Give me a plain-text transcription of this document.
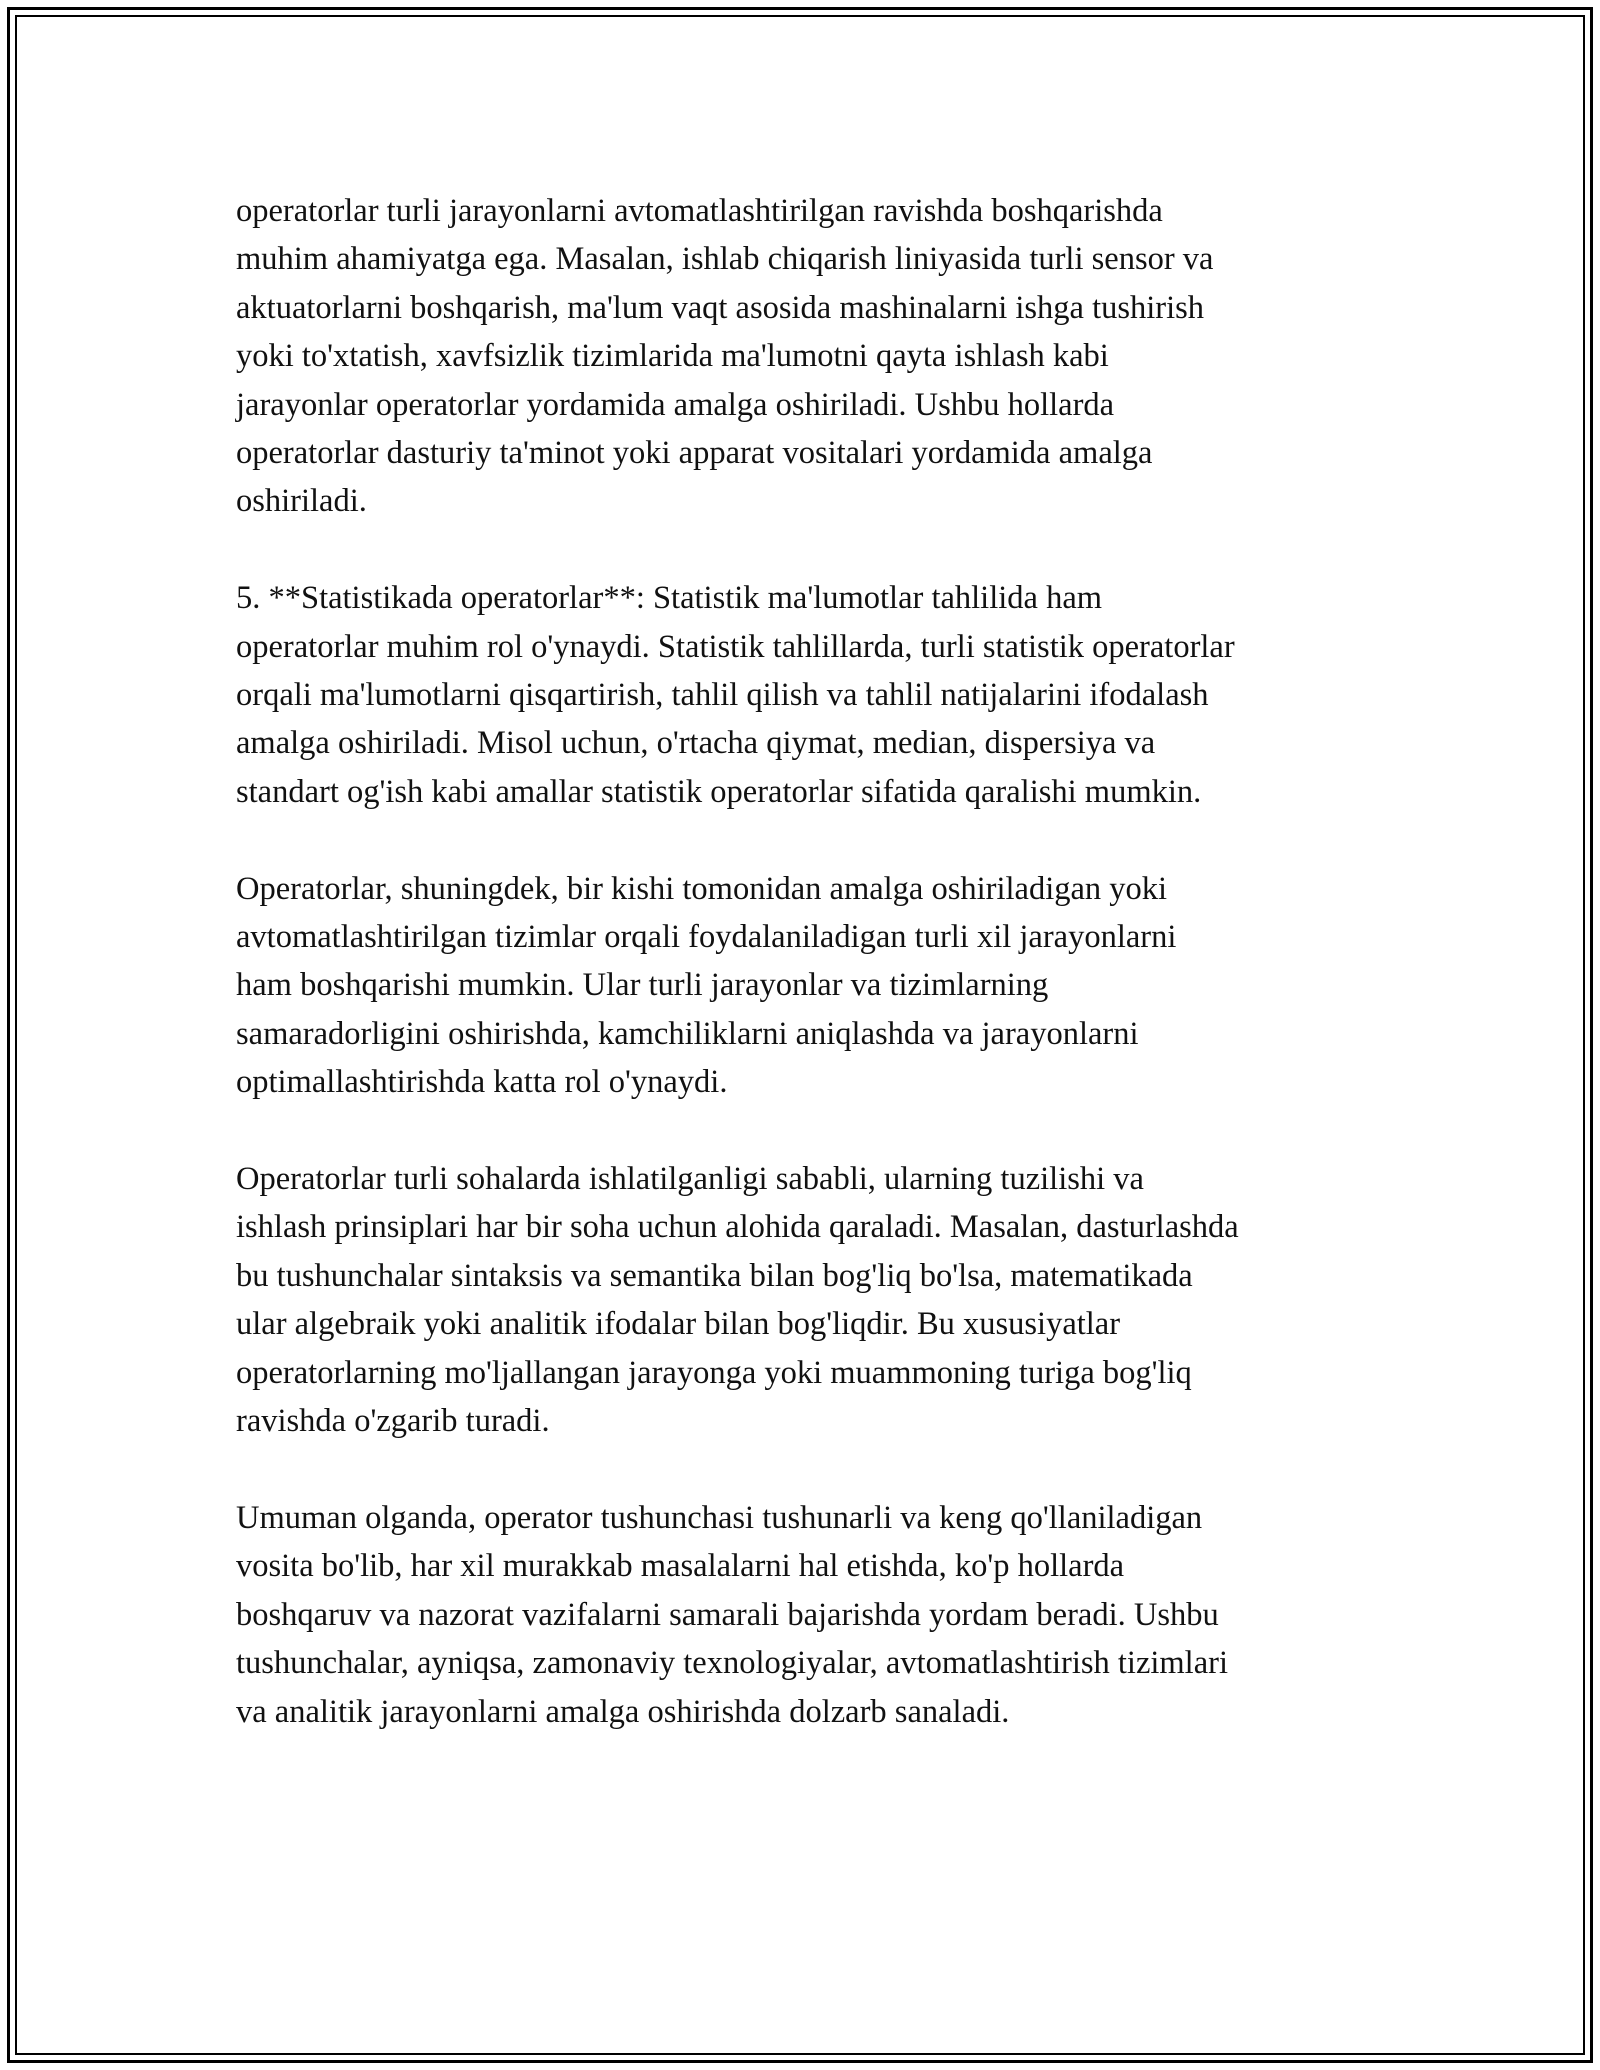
operatorlar turli jarayonlarni avtomatlashtirilgan ravishda boshqarishda
muhim ahamiyatga ega. Masalan, ishlab chiqarish liniyasida turli sensor va
aktuatorlarni boshqarish, ma'lum vaqt asosida mashinalarni ishga tushirish
yoki to'xtatish, xavfsizlik tizimlarida ma'lumotni qayta ishlash kabi
jarayonlar operatorlar yordamida amalga oshiriladi. Ushbu hollarda
operatorlar dasturiy ta'minot yoki apparat vositalari yordamida amalga
oshiriladi.

5. **Statistikada operatorlar**: Statistik ma'lumotlar tahlilida ham
operatorlar muhim rol o'ynaydi. Statistik tahlillarda, turli statistik operatorlar
orqali ma'lumotlarni qisqartirish, tahlil qilish va tahlil natijalarini ifodalash
amalga oshiriladi. Misol uchun, o'rtacha qiymat, median, dispersiya va
standart og'ish kabi amallar statistik operatorlar sifatida qaralishi mumkin.

Operatorlar, shuningdek, bir kishi tomonidan amalga oshiriladigan yoki
avtomatlashtirilgan tizimlar orqali foydalaniladigan turli xil jarayonlarni
ham boshqarishi mumkin. Ular turli jarayonlar va tizimlarning
samaradorligini oshirishda, kamchiliklarni aniqlashda va jarayonlarni
optimallashtirishda katta rol o'ynaydi.

Operatorlar turli sohalarda ishlatilganligi sababli, ularning tuzilishi va
ishlash prinsiplari har bir soha uchun alohida qaraladi. Masalan, dasturlashda
bu tushunchalar sintaksis va semantika bilan bog'liq bo'lsa, matematikada
ular algebraik yoki analitik ifodalar bilan bog'liqdir. Bu xususiyatlar
operatorlarning mo'ljallangan jarayonga yoki muammoning turiga bog'liq
ravishda o'zgarib turadi.

Umuman olganda, operator tushunchasi tushunarli va keng qo'llaniladigan
vosita bo'lib, har xil murakkab masalalarni hal etishda, ko'p hollarda
boshqaruv va nazorat vazifalarni samarali bajarishda yordam beradi. Ushbu
tushunchalar, ayniqsa, zamonaviy texnologiyalar, avtomatlashtirish tizimlari
va analitik jarayonlarni amalga oshirishda dolzarb sanaladi.
